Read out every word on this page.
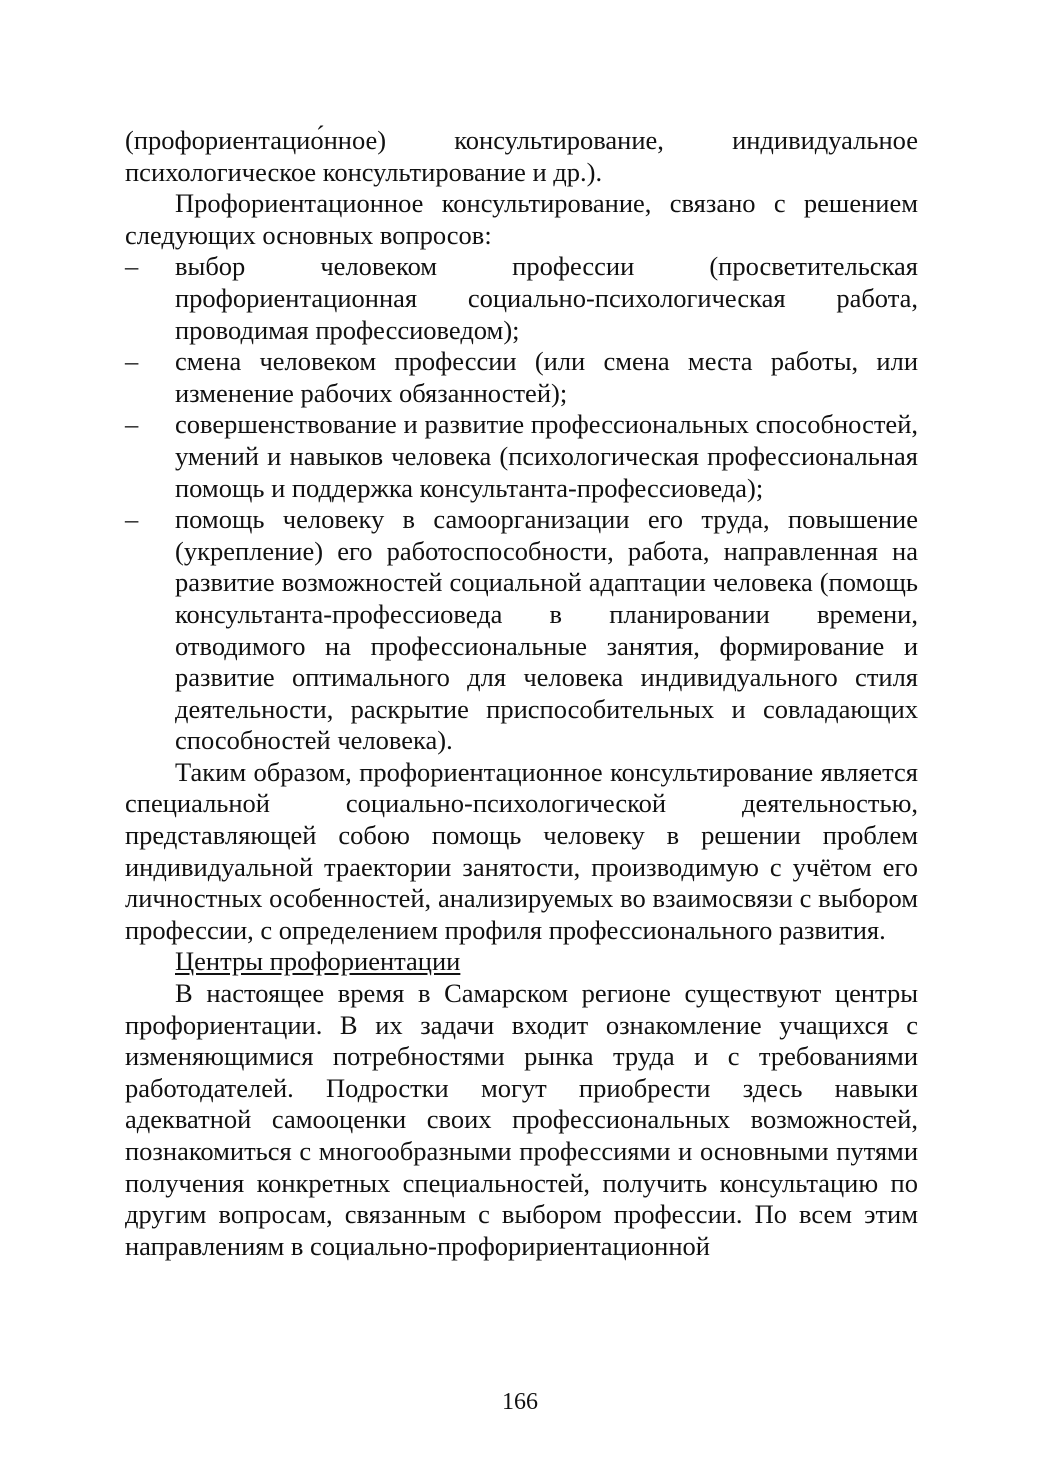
(профориентацио́нное) консультирование, индивидуальное психологическое консультирование и др.).

Профориентационное консультирование, связано с решением следующих основных вопросов:

– выбор человеком профессии (просветительская профориентационная социально-психологическая работа, проводимая профессиоведом);
– смена человеком профессии (или смена места работы, или изменение рабочих обязанностей);
– совершенствование и развитие профессиональных способностей, умений и навыков человека (психологическая профессиональная помощь и поддержка консультанта-профессиоведа);
– помощь человеку в самоорганизации его труда, повышение (укрепление) его работоспособности, работа, направленная на развитие возможностей социальной адаптации человека (помощь консультанта-профессиоведа в планировании времени, отводимого на профессиональные занятия, формирование и развитие оптимального для человека индивидуального стиля деятельности, раскрытие приспособительных и совладающих способностей человека).

Таким образом, профориентационное консультирование является специальной социально-психологической деятельностью, представляющей собою помощь человеку в решении проблем индивидуальной траектории занятости, производимую с учётом его личностных особенностей, анализируемых во взаимосвязи с выбором профессии, с определением профиля профессионального развития.

Центры профориентации

В настоящее время в Самарском регионе существуют центры профориентации. В их задачи входит ознакомление учащихся с изменяющимися потребностями рынка труда и с требованиями работодателей. Подростки могут приобрести здесь навыки адекватной самооценки своих профессиональных возможностей, познакомиться с многообразными профессиями и основными путями получения конкретных специальностей, получить консультацию по другим вопросам, связанным с выбором профессии. По всем этим направлениям в социально-профоририентационной

166
